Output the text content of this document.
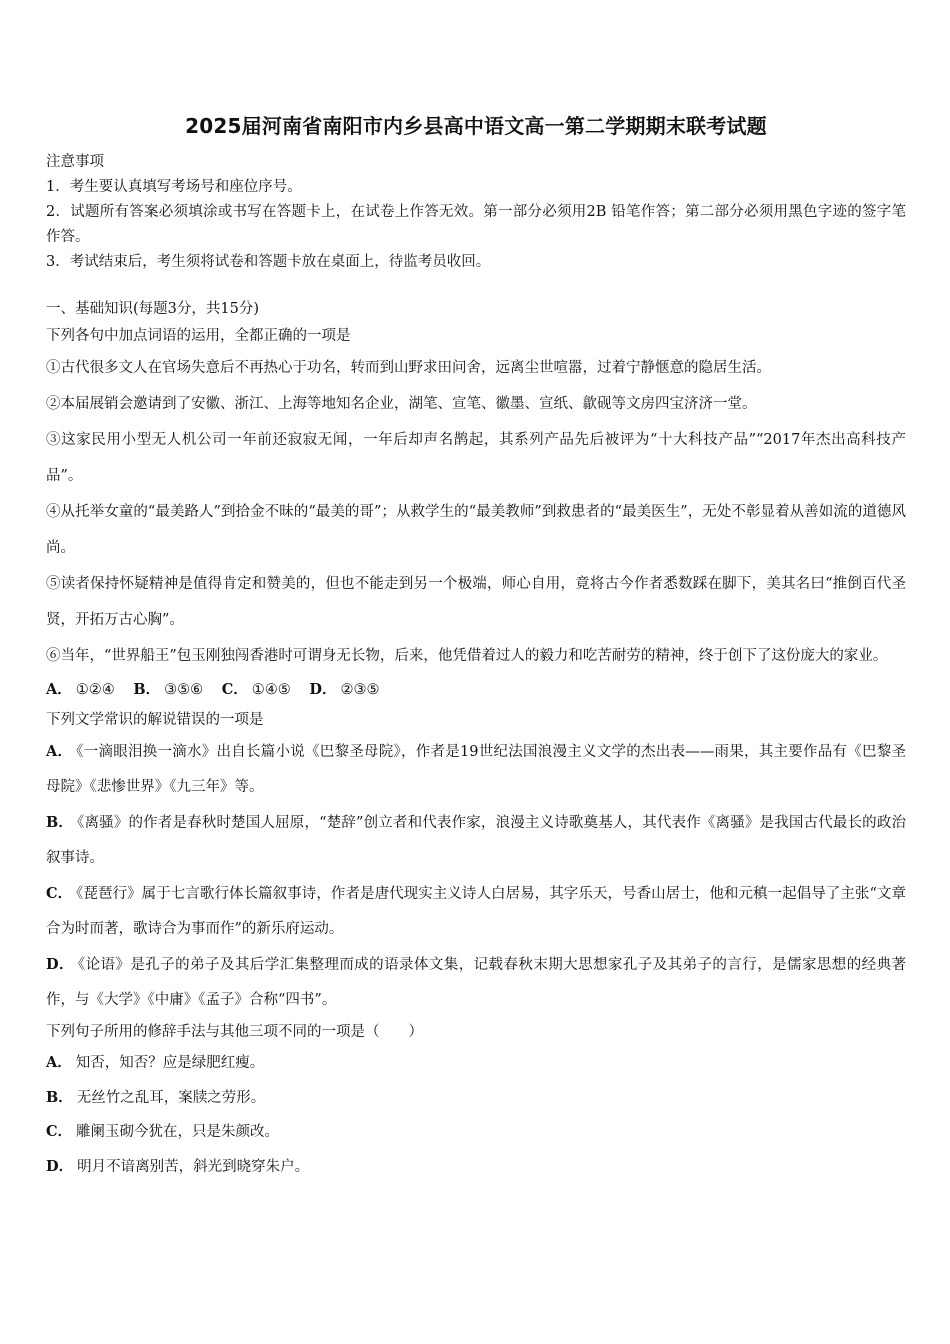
2025届河南省南阳市内乡县高中语文高一第二学期期末联考试题

注意事项

1．考生要认真填写考场号和座位序号。

2．试题所有答案必须填涂或书写在答题卡上，在试卷上作答无效。第一部分必须用2B 铅笔作答；第二部分必须用黑色字迹的签字笔作答。

3．考试结束后，考生须将试卷和答题卡放在桌面上，待监考员收回。

一、基础知识(每题3分，共15分)

下列各句中加点词语的运用，全都正确的一项是

①古代很多文人在官场失意后不再热心于功名，转而到山野求田问舍，远离尘世喧嚣，过着宁静惬意的隐居生活。

②本届展销会邀请到了安徽、浙江、上海等地知名企业，湖笔、宣笔、徽墨、宣纸、歙砚等文房四宝济济一堂。

③这家民用小型无人机公司一年前还寂寂无闻，一年后却声名鹊起，其系列产品先后被评为“十大科技产品”“2017年杰出高科技产品”。

④从托举女童的“最美路人”到拾金不昧的“最美的哥”；从救学生的“最美教师”到救患者的“最美医生”，无处不彰显着从善如流的道德风尚。

⑤读者保持怀疑精神是值得肯定和赞美的，但也不能走到另一个极端，师心自用，竟将古今作者悉数踩在脚下，美其名曰“推倒百代圣贤，开拓万古心胸”。

⑥当年，“世界船王”包玉刚独闯香港时可谓身无长物，后来，他凭借着过人的毅力和吃苦耐劳的精神，终于创下了这份庞大的家业。

A． ①②④ B． ③⑤⑥ C． ①④⑤ D． ②③⑤

下列文学常识的解说错误的一项是

A． 《一滴眼泪换一滴水》出自长篇小说《巴黎圣母院》，作者是19世纪法国浪漫主义文学的杰出表——雨果，其主要作品有《巴黎圣母院》《悲惨世界》《九三年》等。

B． 《离骚》的作者是春秋时楚国人屈原，“楚辞”创立者和代表作家，浪漫主义诗歌奠基人，其代表作《离骚》是我国古代最长的政治叙事诗。

C． 《琵琶行》属于七言歌行体长篇叙事诗，作者是唐代现实主义诗人白居易，其字乐天，号香山居士，他和元稹一起倡导了主张“文章合为时而著，歌诗合为事而作”的新乐府运动。

D． 《论语》是孔子的弟子及其后学汇集整理而成的语录体文集，记载春秋末期大思想家孔子及其弟子的言行，是儒家思想的经典著作，与《大学》《中庸》《孟子》合称“四书”。

下列句子所用的修辞手法与其他三项不同的一项是（　　）

A． 知否，知否？应是绿肥红瘦。

B． 无丝竹之乱耳，案牍之劳形。

C． 雕阑玉砌今犹在，只是朱颜改。

D． 明月不谙离别苦，斜光到晓穿朱户。
